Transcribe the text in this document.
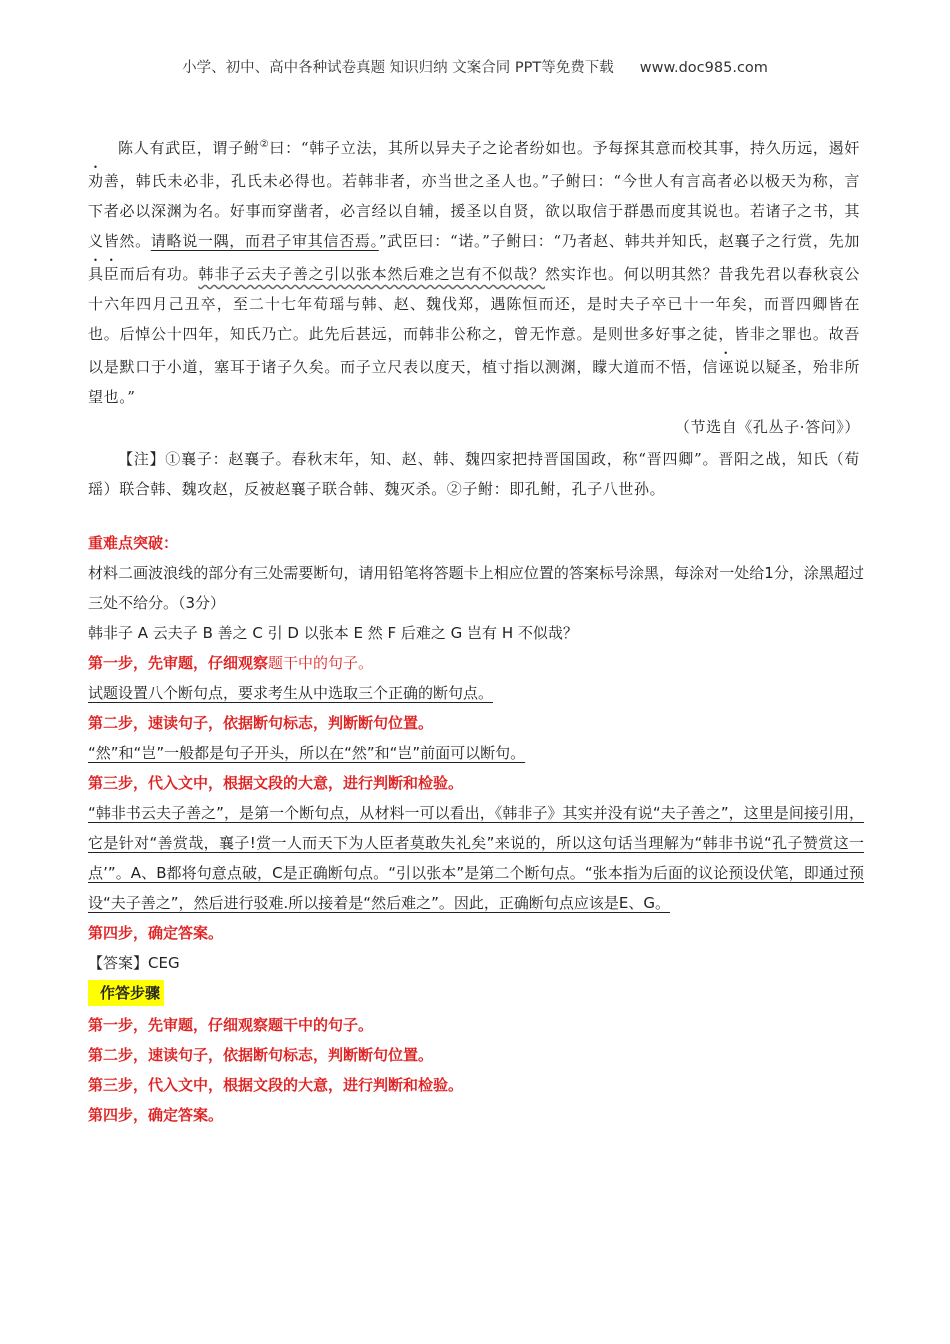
小学、初中、高中各种试卷真题 知识归纳 文案合同 PPT等免费下载 www.doc985.com

陈人有武臣，谓子鲋②曰：“韩子立法，其所以异夫子之论者纷如也。予每探其意而校其事，持久历远，遏奸劝善，韩氏未必非，孔氏未必得也。若韩非者，亦当世之圣人也。”子鲋曰：“今世人有言高者必以极天为称，言下者必以深渊为名。好事而穿凿者，必言经以自辅，援圣以自贤，欲以取信于群愚而度其说也。若诸子之书，其义皆然。请略说一隅，而君子审其信否焉。”武臣曰：“诺。”子鲋曰：“乃者赵、韩共并知氏，赵襄子之行赏，先加具臣而后有功。韩非子云夫子善之引以张本然后难之岂有不似哉？然实诈也。何以明其然？昔我先君以春秋哀公十六年四月己丑卒，至二十七年荀瑶与韩、赵、魏伐郑，遇陈恒而还，是时夫子卒已十一年矣，而晋四卿皆在也。后悼公十四年，知氏乃亡。此先后甚远，而韩非公称之，曾无怍意。是则世多好事之徒，皆非之罪也。故吾以是默口于小道，塞耳于诸子久矣。而子立尺表以度天，植寸指以测渊，矇大道而不悟，信诬说以疑圣，殆非所望也。”

（节选自《孔丛子·答问》）

【注】①襄子：赵襄子。春秋末年，知、赵、韩、魏四家把持晋国国政，称“晋四卿”。晋阳之战，知氏（荀瑶）联合韩、魏攻赵，反被赵襄子联合韩、魏灭杀。②子鲋：即孔鲋，孔子八世孙。

重难点突破：

材料二画波浪线的部分有三处需要断句，请用铅笔将答题卡上相应位置的答案标号涂黑，每涂对一处给1分，涂黑超过三处不给分。（3分）

韩非子 A 云夫子 B 善之 C 引 D 以张本 E 然 F 后难之 G 岂有 H 不似哉？

第一步，先审题，仔细观察题干中的句子。

试题设置八个断句点，要求考生从中选取三个正确的断句点。

第二步，速读句子，依据断句标志，判断断句位置。

“然”和“岂”一般都是句子开头，所以在“然”和“岂”前面可以断句。

第三步，代入文中，根据文段的大意，进行判断和检验。

“韩非书云夫子善之”，是第一个断句点，从材料一可以看出，《韩非子》其实并没有说“夫子善之”，这里是间接引用，它是针对“善赏哉，襄子!赏一人而天下为人臣者莫敢失礼矣”来说的，所以这句话当理解为“韩非书说“孔子赞赏这一点’”。A、B都将句意点破，C是正确断句点。“引以张本”是第二个断句点。“张本指为后面的议论预设伏笔，即通过预设“夫子善之”，然后进行驳难.所以接着是“然后难之”。因此，正确断句点应该是E、G。

第四步，确定答案。

【答案】CEG

作答步骤

第一步，先审题，仔细观察题干中的句子。

第二步，速读句子，依据断句标志，判断断句位置。

第三步，代入文中，根据文段的大意，进行判断和检验。

第四步，确定答案。
